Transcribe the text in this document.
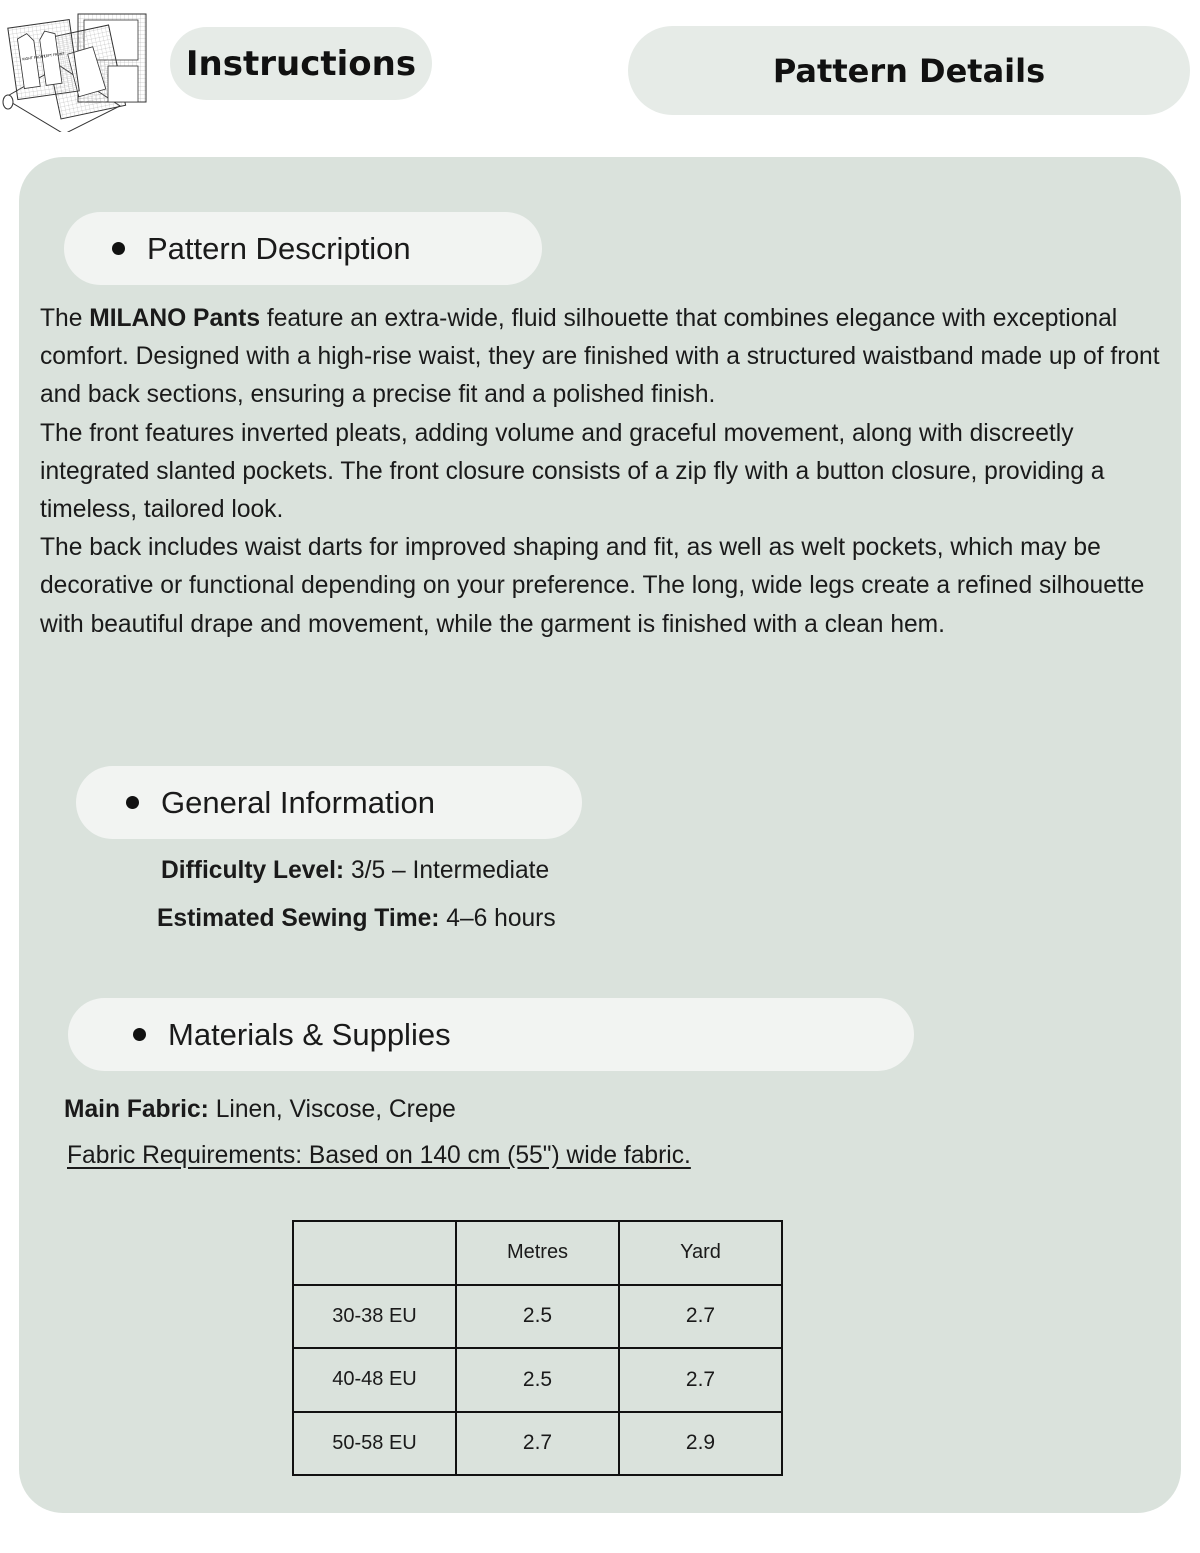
RIGHT FRONT
LEFT FRONT	Instructions	Pattern Details
Pattern Description

The MILANO Pants feature an extra-wide, fluid silhouette that combines elegance with exceptional comfort. Designed with a high-rise waist, they are finished with a structured waistband made up of front and back sections, ensuring a precise fit and a polished finish.

The front features inverted pleats, adding volume and graceful movement, along with discreetly integrated slanted pockets. The front closure consists of a zip fly with a button closure, providing a timeless, tailored look.

The back includes waist darts for improved shaping and fit, as well as welt pockets, which may be decorative or functional depending on your preference. The long, wide legs create a refined silhouette with beautiful drape and movement, while the garment is finished with a clean hem.

General Information
Difficulty Level: 3/5 – Intermediate
Estimated Sewing Time: 4–6 hours
Materials & Supplies
Main Fabric: Linen, Viscose, Crepe
Fabric Requirements: Based on 140 cm (55") wide fabric.
	Metres	Yard
30-38 EU	2.5	2.7
40-48 EU	2.5	2.7
50-58 EU	2.7	2.9
